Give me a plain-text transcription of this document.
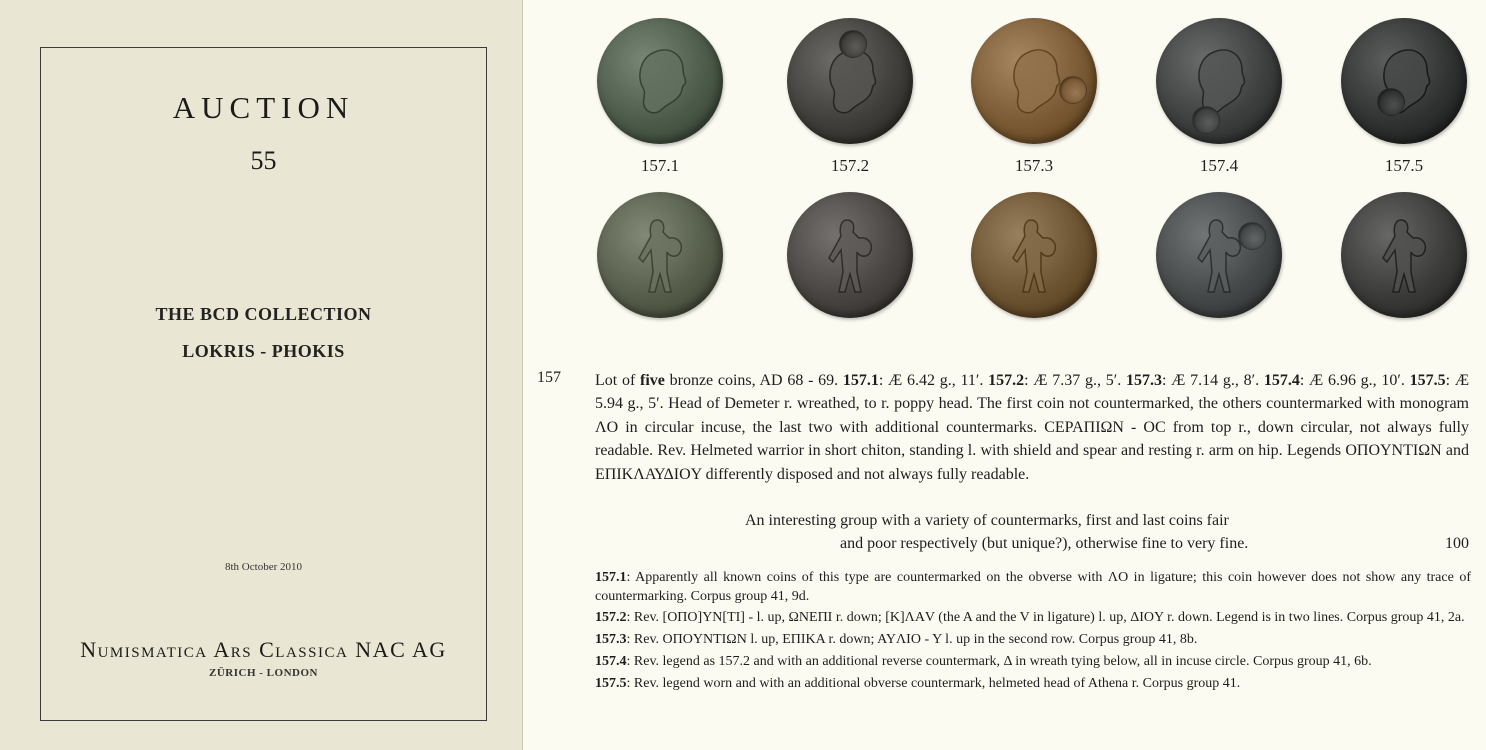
AUCTION
55
THE BCD COLLECTION
LOKRIS - PHOKIS
8th October 2010
Numismatica Ars Classica NAC AG
ZÜRICH - LONDON
157.1	157.2	157.3	157.4	157.5
157 Lot of five bronze coins, AD 68 - 69. 157.1: Æ 6.42 g., 11′. 157.2: Æ 7.37 g., 5′. 157.3: Æ 7.14 g., 8′. 157.4: Æ 6.96 g., 10′. 157.5: Æ 5.94 g., 5′. Head of Demeter r. wreathed, to r. poppy head. The first coin not countermarked, the others countermarked with monogram ΛO in circular incuse, the last two with additional countermarks. CEPAΠIΩN - OC from top r., down circular, not always fully readable. Rev. Helmeted warrior in short chiton, standing l. with shield and spear and resting r. arm on hip. Legends OΠOYNTIΩN and EΠIKΛΑΥΔIOY differently disposed and not always fully readable.
An interesting group with a variety of countermarks, first and last coins fair
and poor respectively (but unique?), otherwise fine to very fine.	100

157.1: Apparently all known coins of this type are countermarked on the obverse with ΛO in ligature; this coin however does not show any trace of countermarking. Corpus group 41, 9d.

157.2: Rev. [OΠO]YN[TI] - l. up, ΩNEΠI r. down; [K]ΛΑV (the A and the V in ligature) l. up, ΔIOY r. down. Legend is in two lines. Corpus group 41, 2a.

157.3: Rev. OΠOYNTIΩN l. up, EΠIKA r. down; AYΛIO - Y l. up in the second row. Corpus group 41, 8b.

157.4: Rev. legend as 157.2 and with an additional reverse countermark, Δ in wreath tying below, all in incuse circle. Corpus group 41, 6b.

157.5: Rev. legend worn and with an additional obverse countermark, helmeted head of Athena r. Corpus group 41.
